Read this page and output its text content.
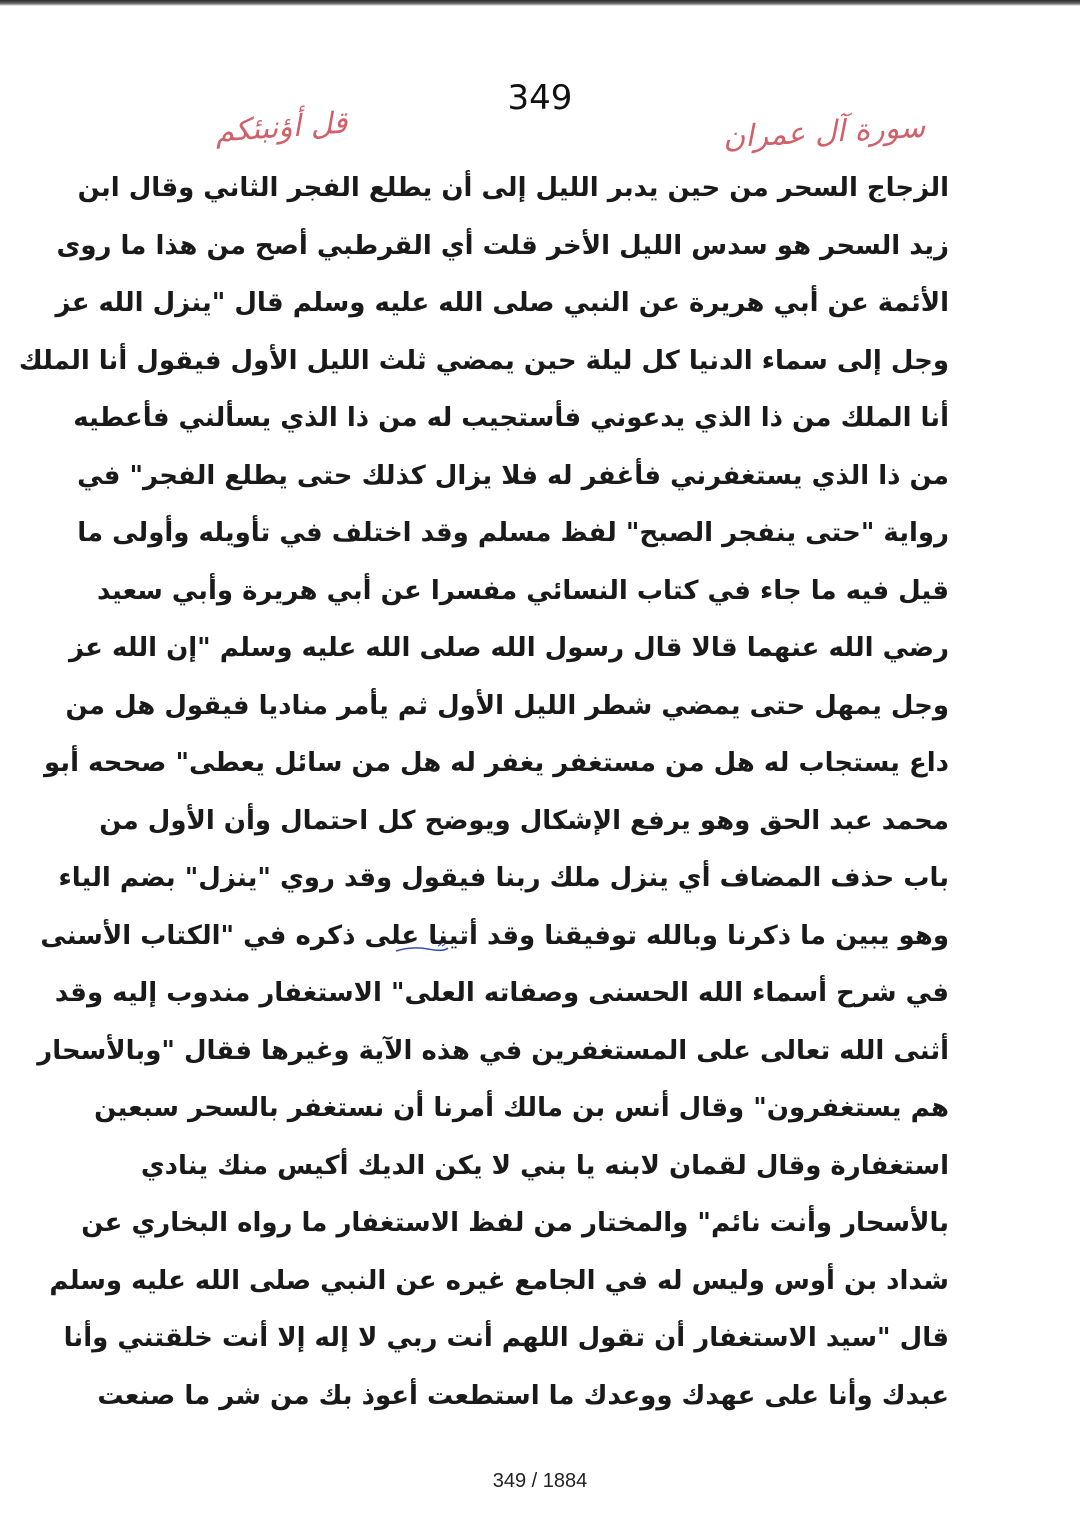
349
قل أؤنبئكم	سورة آل عمران
الزجاج السحر من حين يدبر الليل إلى أن يطلع الفجر الثاني وقال ابن
زيد السحر هو سدس الليل الأخر قلت أي القرطبي أصح من هذا ما روى
الأئمة عن أبي هريرة عن النبي صلى الله عليه وسلم قال "ينزل الله عز
وجل إلى سماء الدنيا كل ليلة حين يمضي ثلث الليل الأول فيقول أنا الملك
أنا الملك من ذا الذي يدعوني فأستجيب له من ذا الذي يسألني فأعطيه
من ذا الذي يستغفرني فأغفر له فلا يزال كذلك حتى يطلع الفجر" في
رواية "حتى ينفجر الصبح" لفظ مسلم وقد اختلف في تأويله وأولى ما
قيل فيه ما جاء في كتاب النسائي مفسرا عن أبي هريرة وأبي سعيد
رضي الله عنهما قالا قال رسول الله صلى الله عليه وسلم "إن الله عز
وجل يمهل حتى يمضي شطر الليل الأول ثم يأمر مناديا فيقول هل من
داع يستجاب له هل من مستغفر يغفر له هل من سائل يعطى" صححه أبو
محمد عبد الحق وهو يرفع الإشكال ويوضح كل احتمال وأن الأول من
باب حذف المضاف أي ينزل ملك ربنا فيقول وقد روي "ينزل" بضم الياء
وهو يبين ما ذكرنا وبالله توفيقنا وقد أتينا على ذكره في "الكتاب الأسنى
في شرح أسماء الله الحسنى وصفاته العلى" الاستغفار مندوب إليه وقد
أثنى الله تعالى على المستغفرين في هذه الآية وغيرها فقال "وبالأسحار
هم يستغفرون" وقال أنس بن مالك أمرنا أن نستغفر بالسحر سبعين
استغفارة وقال لقمان لابنه يا بني لا يكن الديك أكيس منك ينادي
بالأسحار وأنت نائم" والمختار من لفظ الاستغفار ما رواه البخاري عن
شداد بن أوس وليس له في الجامع غيره عن النبي صلى الله عليه وسلم
قال "سيد الاستغفار أن تقول اللهم أنت ربي لا إله إلا أنت خلقتني وأنا
عبدك وأنا على عهدك ووعدك ما استطعت أعوذ بك من شر ما صنعت
349 / 1884
